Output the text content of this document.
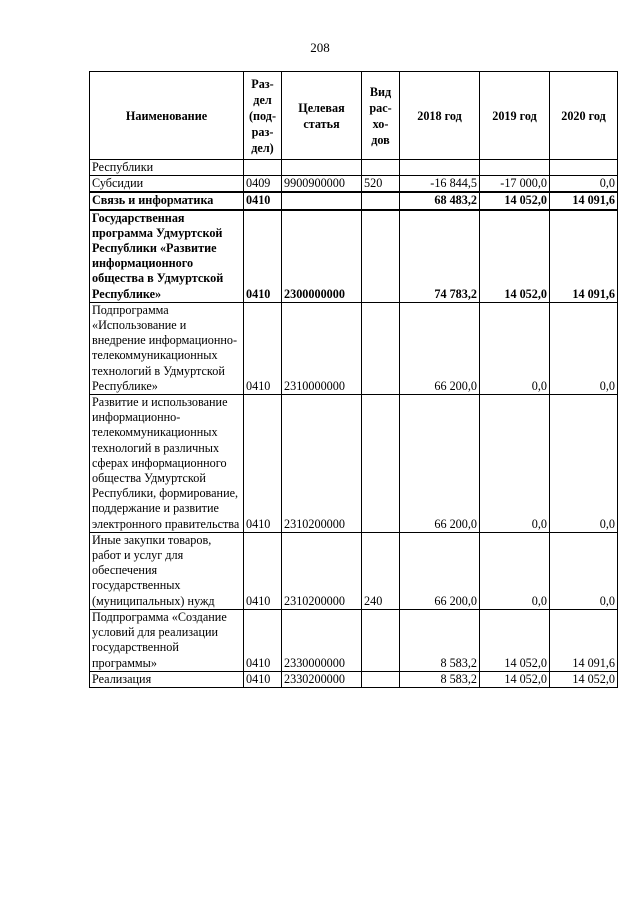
208
Наименование	Раз-
дел
(под-
раз-
дел)	Целевая
статья	Вид
рас-
хо-
дов	2018 год	2019 год	2020 год
Республики						
Субсидии	0409	9900900000	520	-16 844,5	-17 000,0	0,0
Связь и информатика	0410			68 483,2	14 052,0	14 091,6
Государственная программа Удмуртской Республики «Развитие информационного общества в Удмуртской Республике»	0410	2300000000		74 783,2	14 052,0	14 091,6
Подпрограмма «Использование и внедрение информационно-телекоммуникационных технологий в Удмуртской Республике»	0410	2310000000		66 200,0	0,0	0,0
Развитие и использование информационно-телекоммуникационных технологий в различных сферах информационного общества Удмуртской Республики, формирование, поддержание и развитие электронного правительства	0410	2310200000		66 200,0	0,0	0,0
Иные закупки товаров, работ и услуг для обеспечения государственных (муниципальных) нужд	0410	2310200000	240	66 200,0	0,0	0,0
Подпрограмма «Создание условий для реализации государственной программы»	0410	2330000000		8 583,2	14 052,0	14 091,6
Реализация	0410	2330200000		8 583,2	14 052,0	14 052,0
